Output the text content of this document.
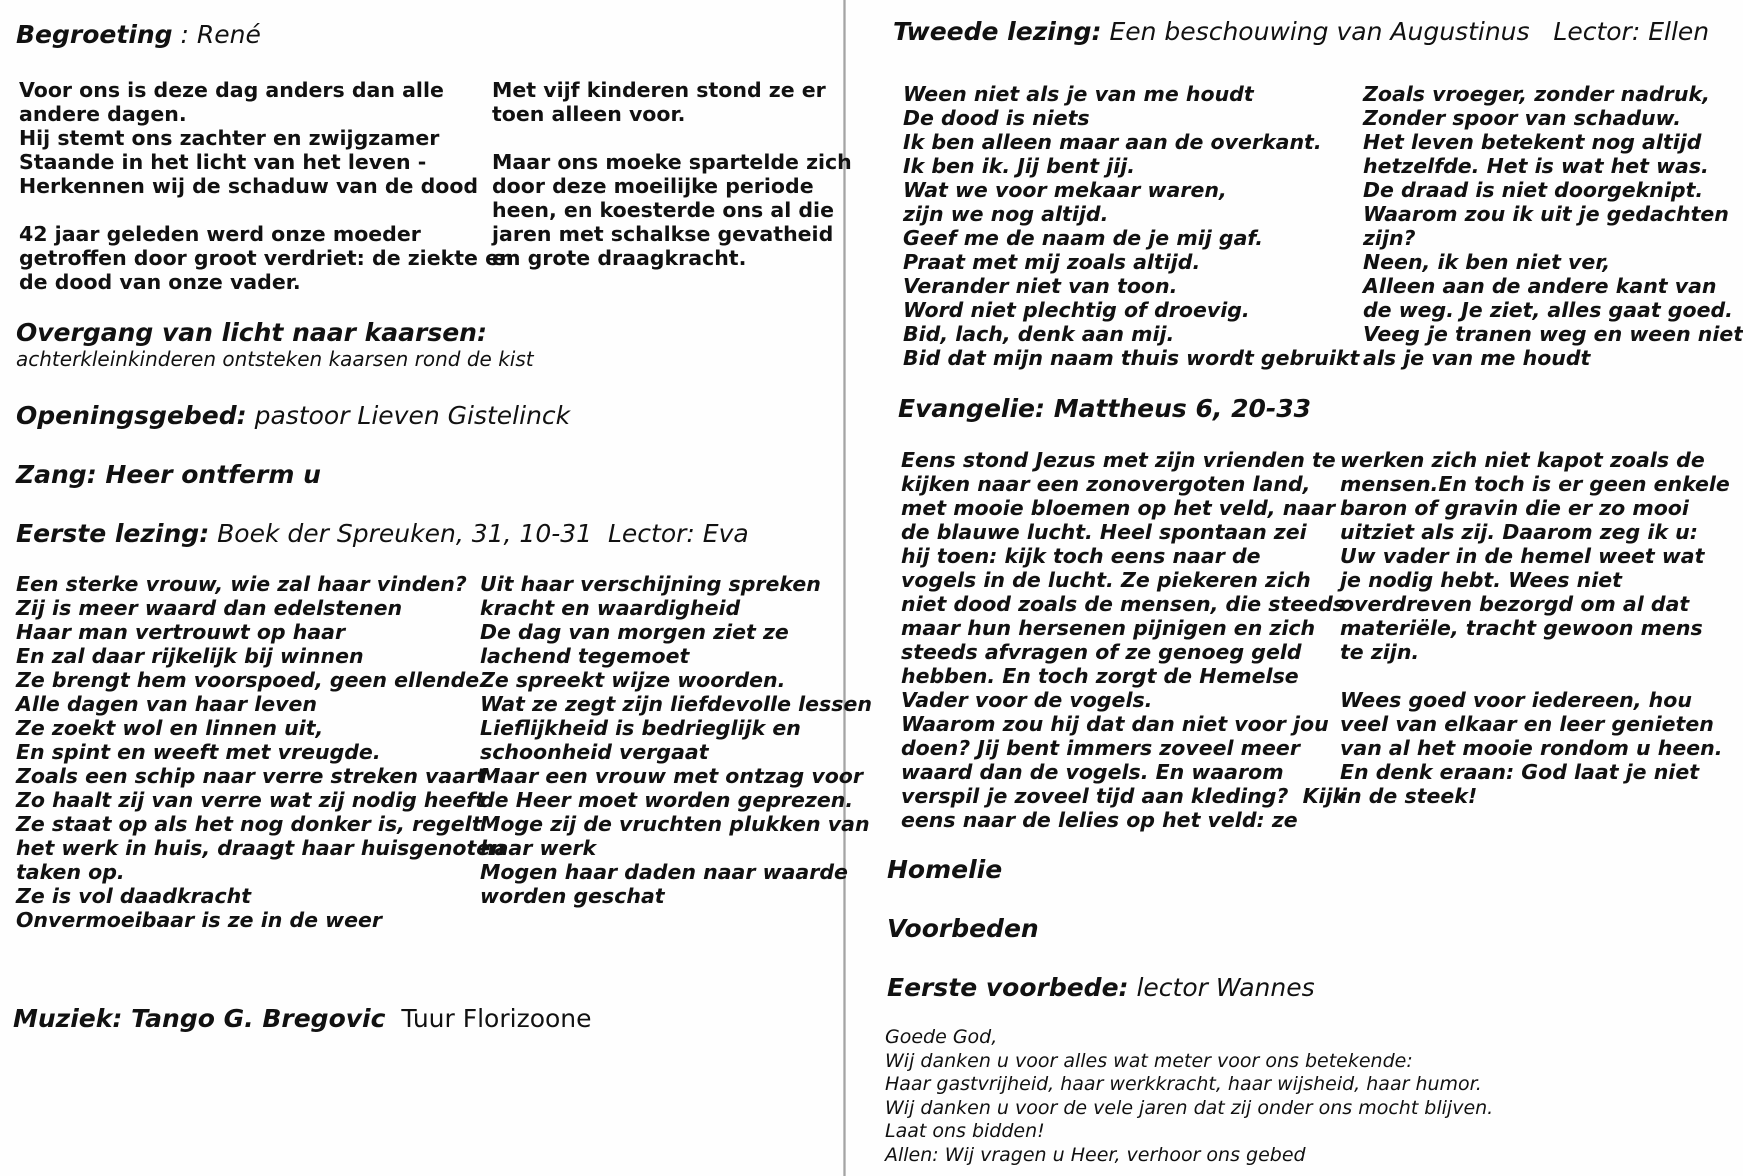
Begroeting : René
Voor ons is deze dag anders dan alle
andere dagen.
Hij stemt ons zachter en zwijgzamer
Staande in het licht van het leven -
Herkennen wij de schaduw van de dood

42 jaar geleden werd onze moeder
getroffen door groot verdriet: de ziekte en
de dood van onze vader.
Met vijf kinderen stond ze er
toen alleen voor.

Maar ons moeke spartelde zich
door deze moeilijke periode
heen, en koesterde ons al die
jaren met schalkse gevatheid
en grote draagkracht.
Overgang van licht naar kaarsen:
achterkleinkinderen ontsteken kaarsen rond de kist
Openingsgebed: pastoor Lieven Gistelinck
Zang: Heer ontferm u
Eerste lezing: Boek der Spreuken, 31, 10-31 Lector: Eva
Een sterke vrouw, wie zal haar vinden?
Zij is meer waard dan edelstenen
Haar man vertrouwt op haar
En zal daar rijkelijk bij winnen
Ze brengt hem voorspoed, geen ellende
Alle dagen van haar leven
Ze zoekt wol en linnen uit,
En spint en weeft met vreugde.
Zoals een schip naar verre streken vaart
Zo haalt zij van verre wat zij nodig heeft
Ze staat op als het nog donker is, regelt
het werk in huis, draagt haar huisgenoten
taken op.
Ze is vol daadkracht
Onvermoeibaar is ze in de weer
Uit haar verschijning spreken
kracht en waardigheid
De dag van morgen ziet ze
lachend tegemoet
Ze spreekt wijze woorden.
Wat ze zegt zijn liefdevolle lessen
Lieflijkheid is bedrieglijk en
schoonheid vergaat
Maar een vrouw met ontzag voor
de Heer moet worden geprezen.
Moge zij de vruchten plukken van
haar werk
Mogen haar daden naar waarde
worden geschat
Muziek: Tango G. Bregovic Tuur Florizoone
Tweede lezing: Een beschouwing van Augustinus Lector: Ellen
Ween niet als je van me houdt
De dood is niets
Ik ben alleen maar aan de overkant.
Ik ben ik. Jij bent jij.
Wat we voor mekaar waren,
zijn we nog altijd.
Geef me de naam de je mij gaf.
Praat met mij zoals altijd.
Verander niet van toon.
Word niet plechtig of droevig.
Bid, lach, denk aan mij.
Bid dat mijn naam thuis wordt gebruikt
Zoals vroeger, zonder nadruk,
Zonder spoor van schaduw.
Het leven betekent nog altijd
hetzelfde. Het is wat het was.
De draad is niet doorgeknipt.
Waarom zou ik uit je gedachten
zijn?
Neen, ik ben niet ver,
Alleen aan de andere kant van
de weg. Je ziet, alles gaat goed.
Veeg je tranen weg en ween niet
als je van me houdt
Evangelie: Mattheus 6, 20-33
Eens stond Jezus met zijn vrienden te
kijken naar een zonovergoten land,
met mooie bloemen op het veld, naar
de blauwe lucht. Heel spontaan zei
hij toen: kijk toch eens naar de
vogels in de lucht. Ze piekeren zich
niet dood zoals de mensen, die steeds
maar hun hersenen pijnigen en zich
steeds afvragen of ze genoeg geld
hebben. En toch zorgt de Hemelse
Vader voor de vogels.
Waarom zou hij dat dan niet voor jou
doen? Jij bent immers zoveel meer
waard dan de vogels. En waarom
verspil je zoveel tijd aan kleding?  Kijk
eens naar de lelies op het veld: ze
werken zich niet kapot zoals de
mensen.En toch is er geen enkele
baron of gravin die er zo mooi
uitziet als zij. Daarom zeg ik u:
Uw vader in de hemel weet wat
je nodig hebt. Wees niet
overdreven bezorgd om al dat
materiële, tracht gewoon mens
te zijn.

Wees goed voor iedereen, hou
veel van elkaar en leer genieten
van al het mooie rondom u heen.
En denk eraan: God laat je niet
in de steek!
Homelie
Voorbeden
Eerste voorbede: lector Wannes
Goede God,
Wij danken u voor alles wat meter voor ons betekende:
Haar gastvrijheid, haar werkkracht, haar wijsheid, haar humor.
Wij danken u voor de vele jaren dat zij onder ons mocht blijven.
Laat ons bidden!
Allen: Wij vragen u Heer, verhoor ons gebed
